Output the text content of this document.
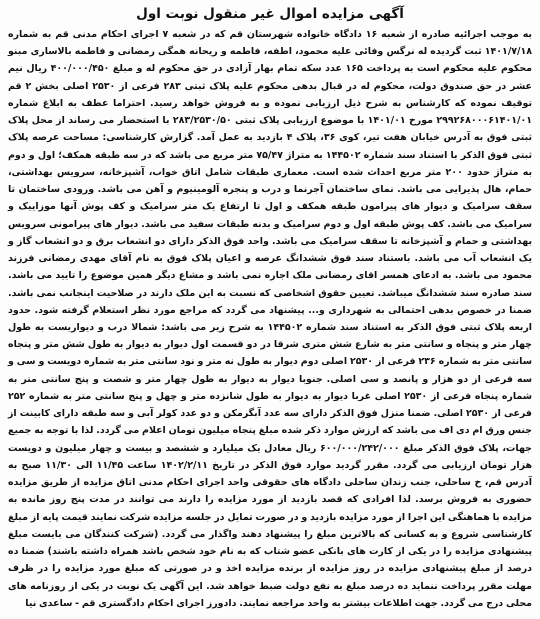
آگهی مزایده اموال غیر منقول نوبت اول

به موجب اجرائیه صادره از شعبه ۱۶ دادگاه خانواده شهرستان قم که در شعبه ۷ اجرای احکام مدنی قم به شماره ۱۴۰۱/۷/۱۸ ثبت گردیده له نرگس وفائی علیه محمود، اطفه، فاطمه و ریحانه همگی رمضانی و فاطمه بالاساری مبنو محکوم علیه محکوم است به پرداخت ۱۶۵ عدد سکه تمام بهار آزادی در حق محکوم له و مبلغ ۴۰۰/۰۰۰/۴۵۰ ریال نیم عشر در حق صندوق دولت، محکوم له در قبال بدهی محکوم علیه پلاک ثبتی ۲۸۳ فرعی از ۲۵۳۰ اصلی بخش ۲ قم توقیف نموده که کارشناس به شرح ذیل ارزیابی نموده و به فروش خواهد رسید. احتراما عطف به ابلاغ شماره ۲۹۹۲۶۸۰۰۰۶۱۴۰۱/۰۱ مورخ ۱۴۰۱/۰۱ با موضوع ارزیابی پلاک ثبتی ۲۸۳/۲۵۳۰/۵۰ با استحضار می رساند از محل پلاک ثبتی فوق به آدرس خیابان هفت تیر، کوی ۳۶، پلاک ۴ بازدید به عمل آمد. گزارش کارشناسی: مساحت عرصه پلاک ثبتی فوق الذکر با استناد سند شماره ۱۴۴۵۰۲ به متراژ ۷۵/۴۷ متر مربع می باشد که در سه طبقه همکف؛ اول و دوم به متراژ حدود ۲۰۰ متر مربع احداث شده است. معماری طبقات شامل اتاق خواب، آشپزخانه، سرویس بهداشتی، حمام، هال پذیرایی می باشد. نمای ساختمان آجرنما و درب و پنجره آلومینیوم و آهن می باشد. ورودی ساختمان تا سقف سرامیک و دیوار های پیرامون طبقه همکف و اول تا ارتفاع یک متر سرامیک و کف پوش آنها موزاییک و سرامیک می باشد. کف پوش طبقه اول و دوم سرامیک و بدنه طبقات سفید می باشد. دیوار های پیرامونی سرویس بهداشتی و حمام و آشپزخانه تا سقف سرامیک می باشد. واحد فوق الذکر دارای دو انشعاب برق و دو انشعاب گاز و یک انشعاب آب می باشد. باستناد سند فوق ششدانگ عرصه و اعیان پلاک فوق به نام آقای مهدی رمضانی فرزند محمود می باشد. به ادعای همسر اقای رمضانی ملک اجاره نمی باشد و مشاع دیگر همین موضوع را تایید می باشد. سند صادره سند ششدانگ میباشد. تعیین حقوق اشخاصی که نسبت به این ملک دارند در صلاحیت اینجانب نمی باشد. ضمنا در خصوص بدهی احتمالی به شهرداری و... پیشنهاد می گردد که مراجع مورد نظر استعلام گرفته شود. حدود اربعه پلاک ثبتی فوق الذکر به استناد سند شماره ۱۴۴۵۰۲ به شرح زیر می باشد: شمالا درب و دیواریست به طول چهار متر و پنجاه و سانتی متر به شارع شش متری شرقا در دو قسمت اول دیوار به دیوار به طول شش متر و پنجاه سانتی متر به شماره ۲۳۶ فرعی از ۲۵۳۰ اصلی دوم دیوار به طول نه متر و نود سانتی متر به شماره دویست و سی و سه فرعی از دو هزار و پانصد و سی اصلی. جنوبا دیوار به دیوار به طول چهار متر و شصت و پنج سانتی متر به شماره پنجاه فرعی از ۲۵۳۰ اصلی غربا دیوار به دیوار به طول شانزده متر و چهل و پنج سانتی متر به شماره ۲۵۲ فرعی از ۲۵۳۰ اصلی. ضمنا منزل فوق الذکر دارای سه عدد آبگرمکن و دو عدد کولر آبی و سه طبقه دارای کابینت از جنس ورق ام دی اف می باشد که ارزش موارد ذکر شده مبلغ پنجاه میلیون تومان اعلام می گردد. لذا با توجه به جمیع جهات، پلاک فوق الذکر مبلغ ۶۰۰/۰۰۰/۲۴۲/۰۰۰ ریال معادل یک میلیارد و ششصد و بیست و چهار میلیون و دویست هزار تومان ارزیابی می گردد. مقرر گردید موارد فوق الذکر در تاریخ ۱۴۰۲/۲/۱۱ ساعت ۱۱/۴۵ الی ۱۱/۳۰ صبح به آدرس قم، خ ساحلی، جنب زندان ساحلی دادگاه های حقوقی واحد اجرای احکام مدنی اتاق مزایده از طریق مزایده حضوری به فروش برسد. لذا افرادی که قصد بازدید از مورد مزایده را دارند می توانند در مدت پنج روز مانده به مزایده با هماهنگی این اجرا از مورد مزایده بازدید و در صورت تمایل در جلسه مزایده شرکت نمایند قیمت پایه از مبلغ کارشناسی شروع و به کسانی که بالاترین مبلغ را پیشنهاد دهند واگذار می گردد. (شرکت کنندگان می بایست مبلغ پیشنهادی مزایده را در یکی از کارت های بانکی عضو شتاب که به نام خود شخص باشد همراه داشته باشند) ضمنا ده درصد از مبلغ پیشنهادی مزایده در روز مزایده از برنده مزایده اخذ و در صورتی که مبلغ مورد مزایده را در ظرف مهلت مقرر پرداخت ننماید ده درصد مبلغ به نفع دولت ضبط خواهد شد. این آگهی یک نوبت در یکی از روزنامه های محلی درج می گردد. جهت اطلاعات بیشتر به واحد مراجعه نمایند. دادورز اجرای احکام دادگستری قم - ساعدی نیا
